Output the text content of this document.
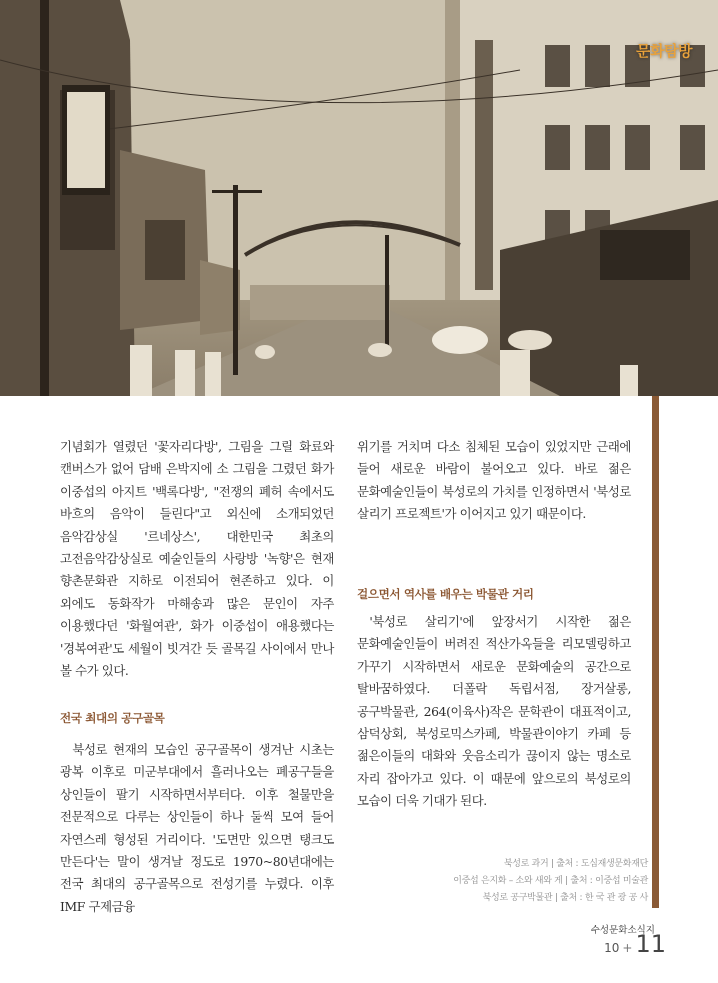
문화탐방

기념회가 열렸던 '꽃자리다방', 그림을 그릴 화료와 캔버스가 없어 담배 은박지에 소 그림을 그렸던 화가 이중섭의 아지트 '백록다방', "전쟁의 폐허 속에서도 바흐의 음악이 들린다"고 외신에 소개되었던 음악감상실 '르네상스', 대한민국 최초의 고전음악감상실로 예술인들의 사랑방 '녹향'은 현재 향촌문화관 지하로 이전되어 현존하고 있다. 이 외에도 동화작가 마해송과 많은 문인이 자주 이용했다던 '화월여관', 화가 이중섭이 애용했다는 '경복여관'도 세월이 빗겨간 듯 골목길 사이에서 만나 볼 수가 있다.

북성로 현재의 모습인 공구골목이 생겨난 시초는 광복 이후로 미군부대에서 흘러나오는 폐공구들을 상인들이 팔기 시작하면서부터다. 이후 철물만을 전문적으로 다루는 상인들이 하나 둘씩 모여 들어 자연스레 형성된 거리이다. '도면만 있으면 탱크도 만든다'는 말이 생겨날 정도로 1970~80년대에는 전국 최대의 공구골목으로 전성기를 누렸다. 이후 IMF 구제금융

전국 최대의 공구골목

위기를 거치며 다소 침체된 모습이 있었지만 근래에 들어 새로운 바람이 불어오고 있다. 바로 젊은 문화예술인들이 북성로의 가치를 인정하면서 '북성로 살리기 프로젝트'가 이어지고 있기 때문이다.

'북성로 살리기'에 앞장서기 시작한 젊은 문화예술인들이 버려진 적산가옥들을 리모델링하고 가꾸기 시작하면서 새로운 문화예술의 공간으로 탈바꿈하였다. 더폴락 독립서점, 장거살롱, 공구박물관, 264(이육사)작은 문학관이 대표적이고, 삼덕상회, 북성로믹스카페, 박물관이야기 카페 등 젊은이들의 대화와 웃음소리가 끊이지 않는 명소로 자리 잡아가고 있다. 이 때문에 앞으로의 북성로의 모습이 더욱 기대가 된다.

걸으면서 역사를 배우는 박물관 거리
북성로 과거 | 출처 : 도심재생문화재단
이중섭 은지화 – 소와 새와 게 | 출처 : 이중섭 미술관
북성로 공구박물관 | 출처 : 한 국 관 광 공 사
수성문화소식지
10 + 11
